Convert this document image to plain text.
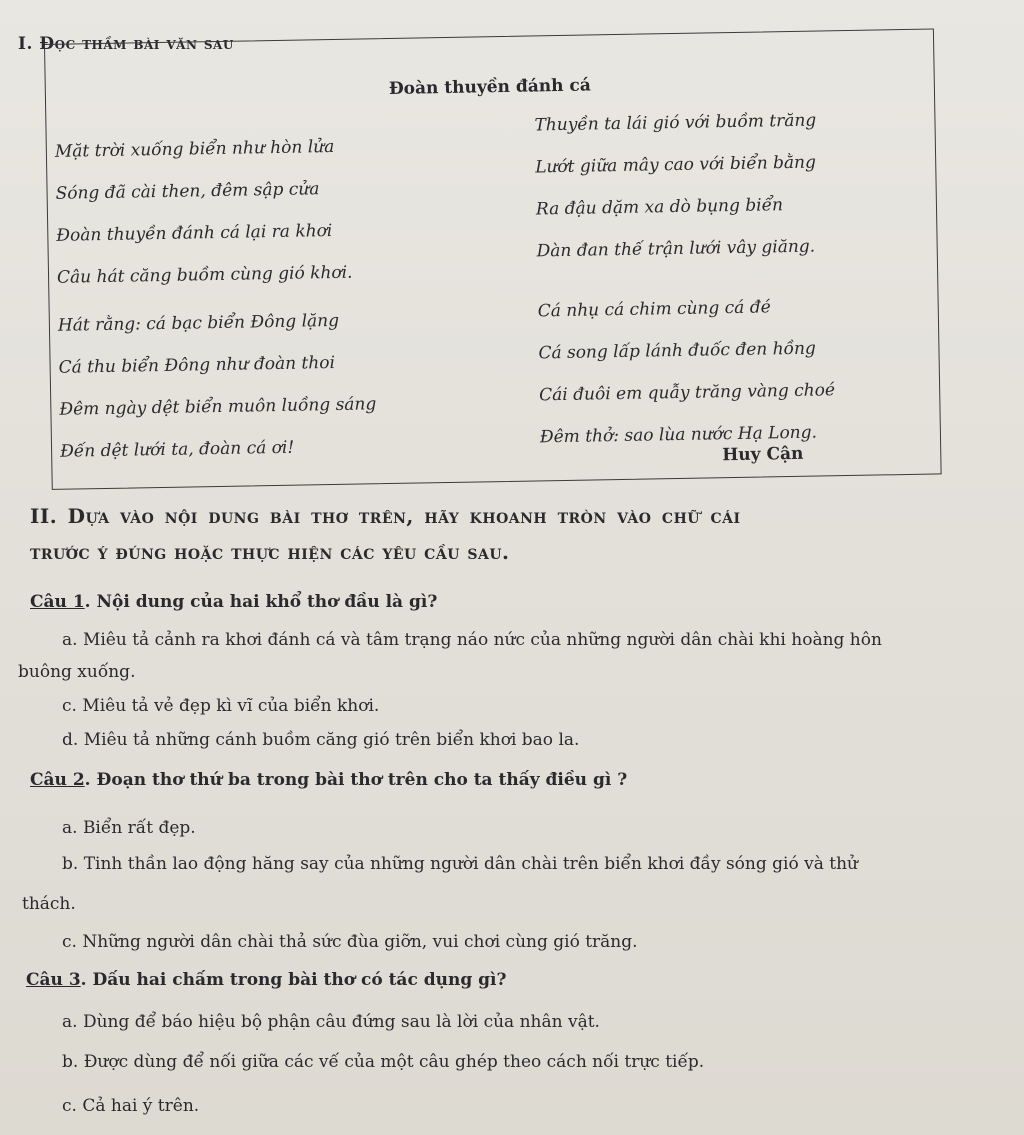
I. Đọc thầm bài văn sau
Đoàn thuyền đánh cá
Mặt trời xuống biển như hòn lửa
Sóng đã cài then, đêm sập cửa
Đoàn thuyền đánh cá lại ra khơi
Câu hát căng buồm cùng gió khơi.
Hát rằng: cá bạc biển Đông lặng
Cá thu biển Đông như đoàn thoi
Đêm ngày dệt biển muôn luồng sáng
Đến dệt lưới ta, đoàn cá ơi!
Thuyền ta lái gió với buồm trăng
Lướt giữa mây cao với biển bằng
Ra đậu dặm xa dò bụng biển
Dàn đan thế trận lưới vây giăng.
Cá nhụ cá chim cùng cá đé
Cá song lấp lánh đuốc đen hồng
Cái đuôi em quẫy trăng vàng choé
Đêm thở: sao lùa nước Hạ Long.
Huy Cận
II. Dựa vào nội dung bài thơ trên, hãy khoanh tròn vào chữ cái
trước ý đúng hoặc thực hiện các yêu cầu sau.
Câu 1. Nội dung của hai khổ thơ đầu là gì?
a. Miêu tả cảnh ra khơi đánh cá và tâm trạng náo nức của những người dân chài khi hoàng hôn
buông xuống.
c. Miêu tả vẻ đẹp kì vĩ của biển khơi.
d. Miêu tả những cánh buồm căng gió trên biển khơi bao la.
Câu 2. Đoạn thơ thứ ba trong bài thơ trên cho ta thấy điều gì ?
a. Biển rất đẹp.
b. Tinh thần lao động hăng say của những người dân chài trên biển khơi đầy sóng gió và thử
thách.
c. Những người dân chài thả sức đùa giỡn, vui chơi cùng gió trăng.
Câu 3. Dấu hai chấm trong bài thơ có tác dụng gì?
a. Dùng để báo hiệu bộ phận câu đứng sau là lời của nhân vật.
b. Được dùng để nối giữa các vế của một câu ghép theo cách nối trực tiếp.
c. Cả hai ý trên.
